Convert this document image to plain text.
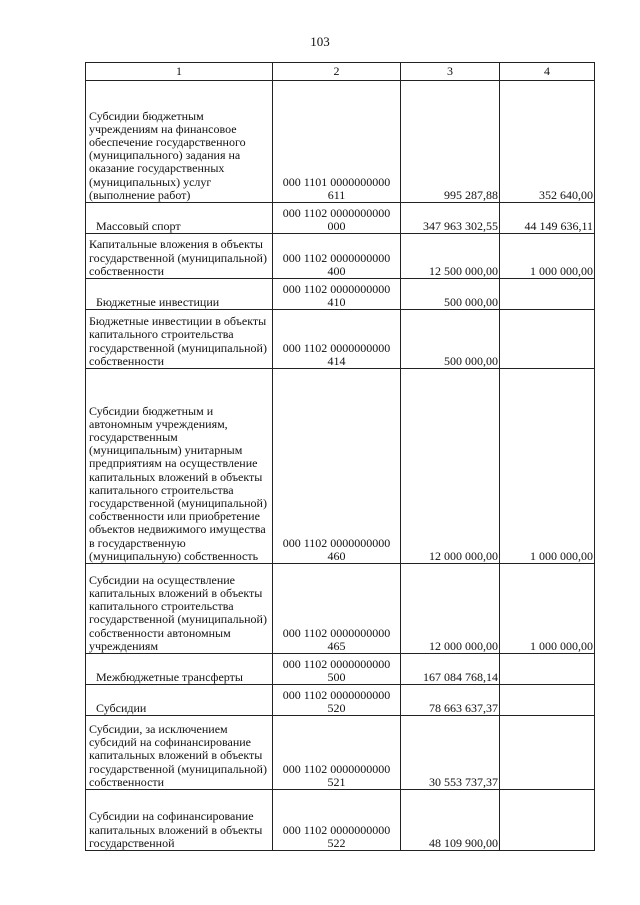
103
1	2	3	4
Субсидии бюджетным учреждениям на финансовое обеспечение государственного (муниципального) задания на оказание государственных (муниципальных) услуг (выполнение работ)	000 1101 0000000000 611	995 287,88	352 640,00
Массовый спорт	000 1102 0000000000 000	347 963 302,55	44 149 636,11
Капитальные вложения в объекты государственной (муниципальной) собственности	000 1102 0000000000 400	12 500 000,00	1 000 000,00
Бюджетные инвестиции	000 1102 0000000000 410	500 000,00	
Бюджетные инвестиции в объекты капитального строительства государственной (муниципальной) собственности	000 1102 0000000000 414	500 000,00	
Субсидии бюджетным и автономным учреждениям, государственным (муниципальным) унитарным предприятиям на осуществление капитальных вложений в объекты капитального строительства государственной (муниципальной) собственности или приобретение объектов недвижимого имущества в государственную (муниципальную) собственность	000 1102 0000000000 460	12 000 000,00	1 000 000,00
Субсидии на осуществление капитальных вложений в объекты капитального строительства государственной (муниципальной) собственности автономным учреждениям	000 1102 0000000000 465	12 000 000,00	1 000 000,00
Межбюджетные трансферты	000 1102 0000000000 500	167 084 768,14	
Субсидии	000 1102 0000000000 520	78 663 637,37	
Субсидии, за исключением субсидий на софинансирование капитальных вложений в объекты государственной (муниципальной) собственности	000 1102 0000000000 521	30 553 737,37	
Субсидии на софинансирование капитальных вложений в объекты государственной	000 1102 0000000000 522	48 109 900,00	
